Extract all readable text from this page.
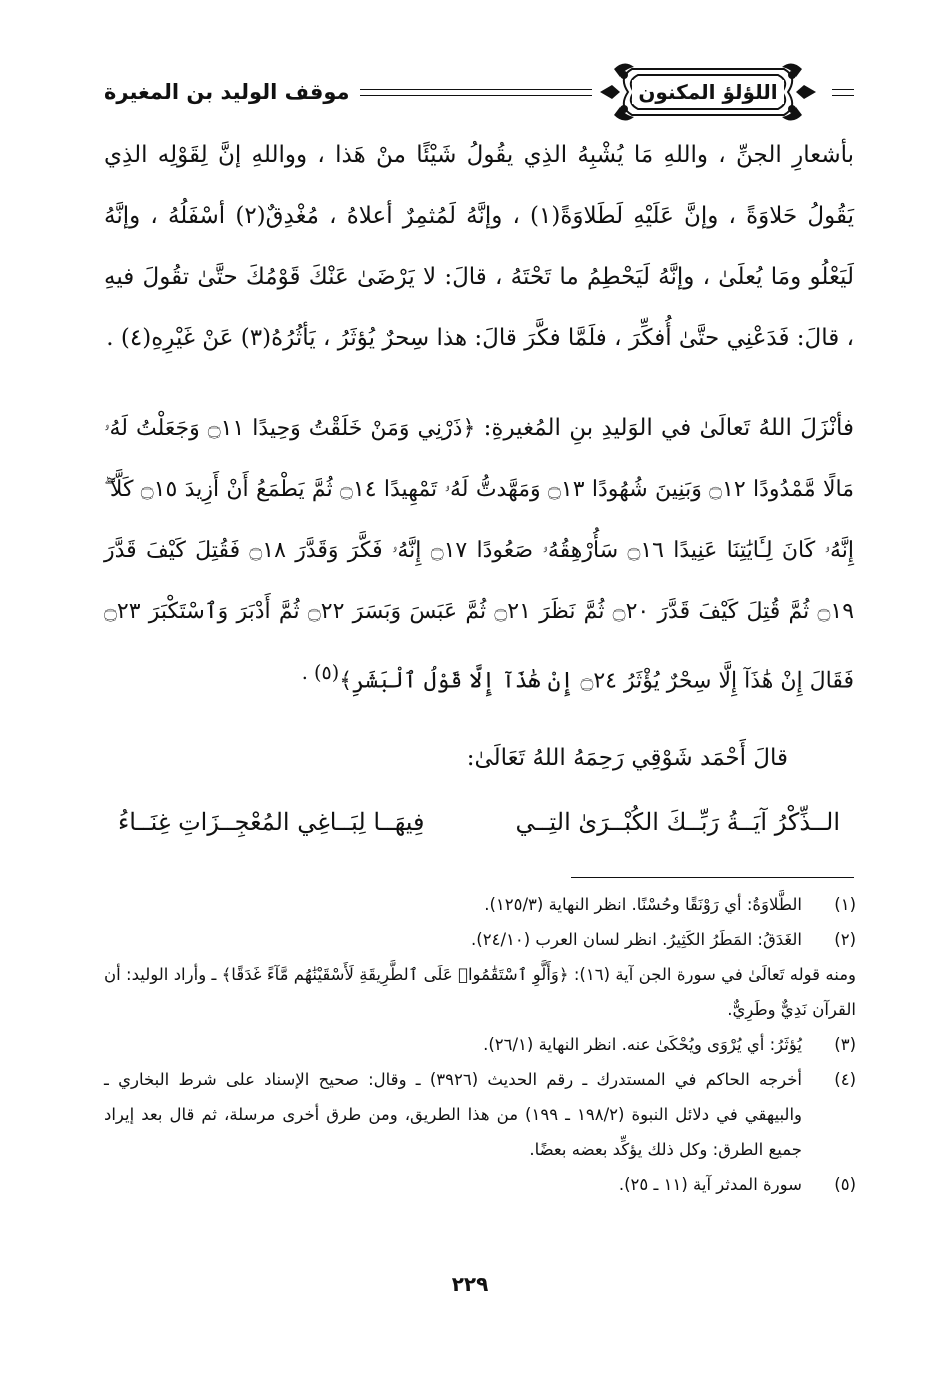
موقف الوليد بن المغيرة	اللؤلؤ المكنون
بأشعارِ الجنِّ ، واللهِ مَا يُشْبِهُ الذِي يقُولُ شَيْئًا منْ هَذا ، وواللهِ إنَّ لِقَوْلِه الذِي يَقُولُ حَلاوَةً ، وإنَّ عَلَيْهِ لَطَلاوَةً(١) ، وإنَّهُ لَمُثمِرٌ أعلاهُ ، مُغْدِقٌ(٢) أسْفَلُهُ ، وإنَّهُ لَيَعْلُو ومَا يُعلَىٰ ، وإنَّهُ لَيَحْطِمُ ما تَحْتَهُ ، قالَ: لا يَرْضَىٰ عَنْكَ قَوْمُكَ حتَّىٰ تقُولَ فيهِ ، قالَ: فَدَعْنِي حتَّىٰ أُفكِّرَ ، فلَمَّا فكَّرَ قالَ: هذا سِحرٌ يُؤثَرُ ، يَأثُرُهُ(٣) عَنْ غَيْرِهِ(٤) .
فأنْزَلَ اللهُ تَعالَىٰ في الوَليدِ بنِ المُغيرةِ: ﴿ذَرْنِي وَمَنْ خَلَقْتُ وَحِيدًا ۝١١ وَجَعَلْتُ لَهُۥ مَالًا مَّمْدُودًا ۝١٢ وَبَنِينَ شُهُودًا ۝١٣ وَمَهَّدتُّ لَهُۥ تَمْهِيدًا ۝١٤ ثُمَّ يَطْمَعُ أَنْ أَزِيدَ ۝١٥ كَلَّآ ۖ إِنَّهُۥ كَانَ لِـَٔايَٰتِنَا عَنِيدًا ۝١٦ سَأُرْهِقُهُۥ صَعُودًا ۝١٧ إِنَّهُۥ فَكَّرَ وَقَدَّرَ ۝١٨ فَقُتِلَ كَيْفَ قَدَّرَ ۝١٩ ثُمَّ قُتِلَ كَيْفَ قَدَّرَ ۝٢٠ ثُمَّ نَظَرَ ۝٢١ ثُمَّ عَبَسَ وَبَسَرَ ۝٢٢ ثُمَّ أَدْبَرَ وَٱسْتَكْبَرَ ۝٢٣ فَقَالَ إِنْ هَٰذَآ إِلَّا سِحْرٌ يُؤْثَرُ ۝٢٤ إِنْ هَٰذَآ إِلَّا قَوْلُ ٱلْبَشَرِ﴾$^{(٥) .}$
قالَ أَحْمَد شَوْقِي رَحِمَهُ اللهُ تَعَالَىٰ:
الــذِّكْرُ آيَــةُ رَبِّــكَ الكُبْــرَىٰ التِــي
فِيهَــا لِبَــاغِي المُعْجِــزَاتِ غِنَــاءُ
(١)
الطَّلاوَةُ: أي رَوْنَقًا وحُسْنًا. انظر النهاية (١٢٥/٣).
(٢)
الغَدَقُ: المَطَرُ الكَثِيرُ. انظر لسان العرب (٢٤/١٠).
ومنه قوله تَعالَىٰ في سورة الجن آية (١٦): ﴿وَأَلَّوِ ٱسْتَقَٰمُوا۟ عَلَى ٱلطَّرِيقَةِ لَأَسْقَيْنَٰهُم مَّآءً غَدَقًا﴾ ـ وأراد الوليد: أن القرآن نَدِيٌّ وطَرِيٌّ.
(٣)
يُؤثَرُ: أي يُرْوَى ويُحْكَىٰ عنه. انظر النهاية (٢٦/١).
(٤)
أخرجه الحاكم في المستدرك ـ رقم الحديث (٣٩٢٦) ـ وقال: صحيح الإسناد على شرط البخاري ـ والبيهقي في دلائل النبوة (١٩٨/٢ ـ ١٩٩) من هذا الطريق، ومن طرق أخرى مرسلة، ثم قال بعد إيراد جميع الطرق: وكل ذلك يؤكِّد بعضه بعضًا.
(٥)
سورة المدثر آية (١١ ـ ٢٥).
٢٢٩
